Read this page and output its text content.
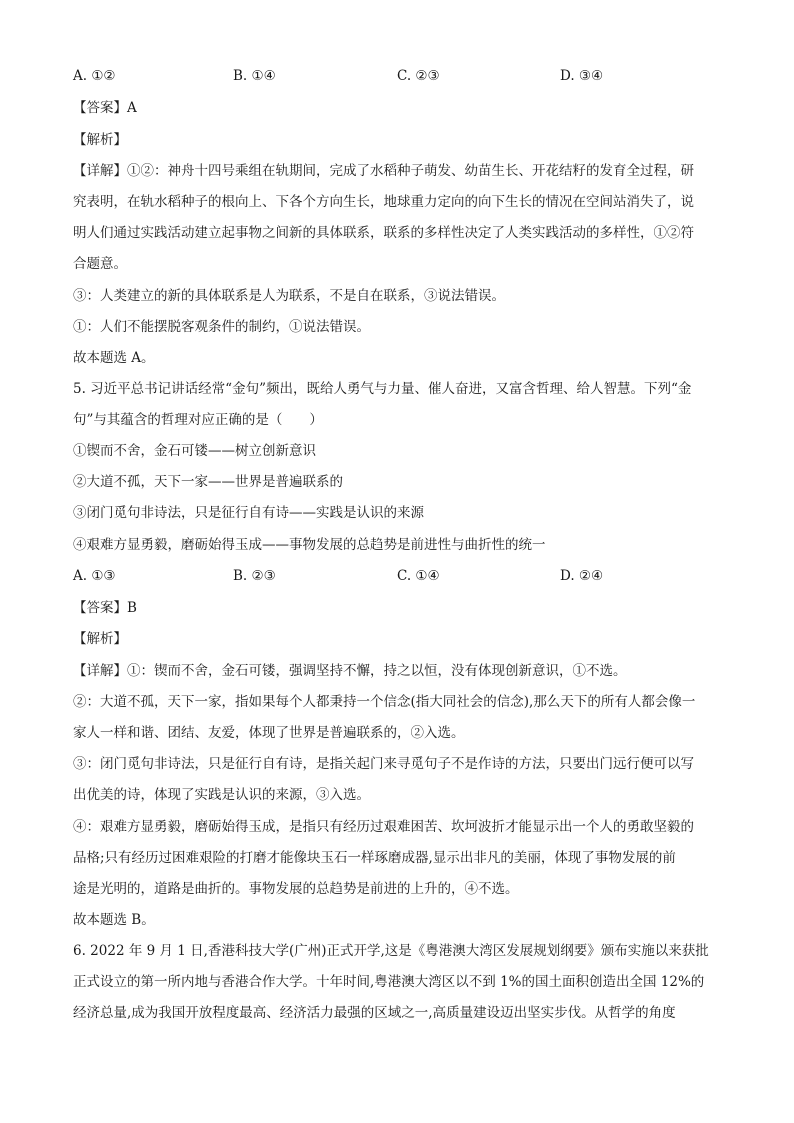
A. ①②	B. ①④	C. ②③	D. ③④
【答案】A
【解析】
【详解】①②：神舟十四号乘组在轨期间，完成了水稻种子萌发、幼苗生长、开花结籽的发育全过程，研
究表明，在轨水稻种子的根向上、下各个方向生长，地球重力定向的向下生长的情况在空间站消失了，说
明人们通过实践活动建立起事物之间新的具体联系，联系的多样性决定了人类实践活动的多样性，①②符
合题意。
③：人类建立的新的具体联系是人为联系，不是自在联系，③说法错误。
①：人们不能摆脱客观条件的制约，①说法错误。
故本题选 A。
5. 习近平总书记讲话经常“金句”频出，既给人勇气与力量、催人奋进，又富含哲理、给人智慧。下列“金
句”与其蕴含的哲理对应正确的是（　　）
①锲而不舍，金石可镂——树立创新意识
②大道不孤，天下一家——世界是普遍联系的
③闭门觅句非诗法，只是征行自有诗——实践是认识的来源
④艰难方显勇毅，磨砺始得玉成——事物发展的总趋势是前进性与曲折性的统一
A. ①③	B. ②③	C. ①④	D. ②④
【答案】B
【解析】
【详解】①：锲而不舍，金石可镂，强调坚持不懈，持之以恒，没有体现创新意识，①不选。
②：大道不孤，天下一家，指如果每个人都秉持一个信念(指大同社会的信念),那么天下的所有人都会像一
家人一样和谐、团结、友爱，体现了世界是普遍联系的，②入选。
③：闭门觅句非诗法，只是征行自有诗，是指关起门来寻觅句子不是作诗的方法，只要出门远行便可以写
出优美的诗，体现了实践是认识的来源，③入选。
④：艰难方显勇毅，磨砺始得玉成，是指只有经历过艰难困苦、坎坷波折才能显示出一个人的勇敢坚毅的
品格;只有经历过困难艰险的打磨才能像块玉石一样琢磨成器,显示出非凡的美丽，体现了事物发展的前
途是光明的，道路是曲折的。事物发展的总趋势是前进的上升的，④不选。
故本题选 B。
6. 2022 年 9 月 1 日,香港科技大学(广州)正式开学,这是《粤港澳大湾区发展规划纲要》颁布实施以来获批
正式设立的第一所内地与香港合作大学。十年时间,粤港澳大湾区以不到 1%的国土面积创造出全国 12%的
经济总量,成为我国开放程度最高、经济活力最强的区域之一,高质量建设迈出坚实步伐。从哲学的角度
